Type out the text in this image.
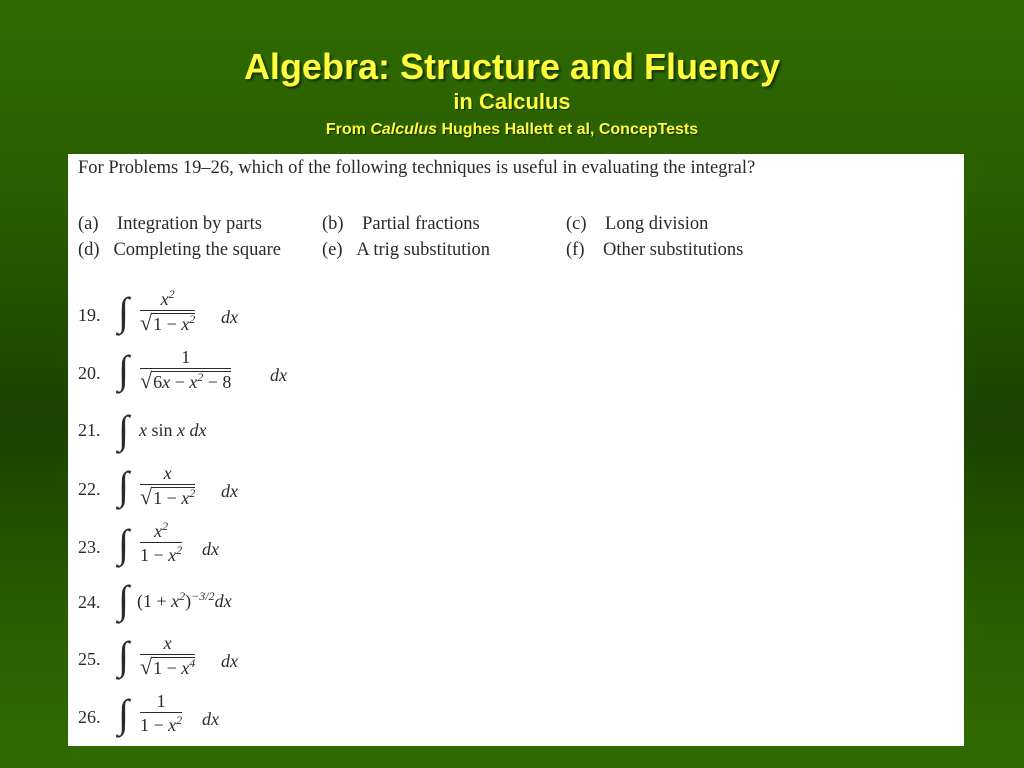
Algebra: Structure and Fluency
in Calculus
From Calculus Hughes Hallett et al, ConcepTests
For Problems 19–26, which of the following techniques is useful in evaluating the integral?
(a) Integration by parts	(b) Partial fractions	(c) Long division
(d) Completing the square (e) A trig substitution	(f) Other substitutions
19. ∫	$x^2$
$√1 - x^2$ dx
20. ∫	1
$√6x - x^2 - 8$ dx
21. ∫ x sin x dx
22. ∫	x
$√1 - x^2$ dx
23. ∫	$x^2$
$1 - x^2$ dx
24. ∫ $(1 + x^2)^{-3/2}dx$
25. ∫	x
$√1 - x^4$ dx
26. ∫	1
$1 - x^2$ dx
